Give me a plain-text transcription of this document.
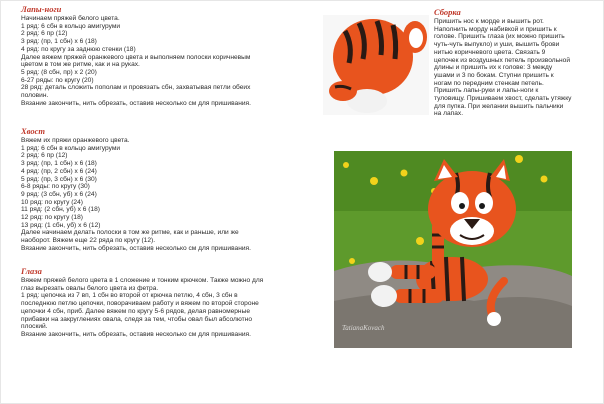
Лапы-ноги
Начинаем пряжей белого цвета.
1 ряд: 6 сбн в кольцо амигуруми
2 ряд: 6 пр (12)
3 ряд: (пр, 1 сбн) х 6 (18)
4 ряд: по кругу за заднюю стенки (18)
Далее вяжем пряжей оранжевого цвета и выполняем полоски коричневым
цветом в том же ритме, как и на руках.
5 ряд: (8 сбн, пр) х 2 (20)
6-27 ряды: по кругу (20)
28 ряд: деталь сложить пополам и провязать сбн, захватывая петли обеих
половин.
Вязание закончить, нить обрезать, оставив несколько см для пришивания.
Хвост
Вяжем их пряжи оранжевого цвета.
1 ряд: 6 сбн в кольцо амигуруми
2 ряд: 6 пр (12)
3 ряд: (пр, 1 сбн) х 6 (18)
4 ряд: (пр, 2 сбн) х 6 (24)
5 ряд: (пр, 3 сбн) х 6 (30)
6-8 ряды: по кругу (30)
9 ряд: (3 сбн, уб) х 6 (24)
10 ряд: по кругу (24)
11 ряд: (2 сбн, уб) х 6 (18)
12 ряд: по кругу (18)
13 ряд: (1 сбн, уб) х 6 (12)
Далее начинаем делать полоски в том же ритме, как и раньше, или же
наоборот. Вяжем еще 22 ряда по кругу (12).
Вязание закончить, нить обрезать, оставив несколько см для пришивания.
Глаза
Вяжем пряжей белого цвета в 1 сложение и тонким крючком. Также можно для
глаз вырезать овалы белого цвета из фетра.
1 ряд: цепочка из 7 вп, 1 сбн во второй от крючка петлю, 4 сбн, 3 сбн в
последнюю петлю цепочки, поворачиваем работу и вяжем по второй стороне
цепочки 4 сбн, приб. Далее вяжем по кругу 5-6 рядов, делая равномерные
прибавки на закруглениях овала, следя за тем, чтобы овал был абсолютно
плоский.
Вязание закончить, нить обрезать, оставив несколько см для пришивания.
Сборка
Пришить нос к морде и вышить рот.
Наполнить морду набивкой и пришить к
голове. Пришить глаза (их можно пришить
чуть-чуть выпукло) и уши, вышить брови
нитью коричневого цвета. Связать 9
цепочек из воздушных петель произвольной
длины и пришить их к голове: 3 между
ушами и 3 по бокам. Ступни пришить к
ногам по передним стенкам петель.
Пришить лапы-руки и лапы-ноги к
туловищу. Пришиваем хвост, сделать утяжку
для пупка. При желании вышить пальчики
на лапах.
TatianaKovach
